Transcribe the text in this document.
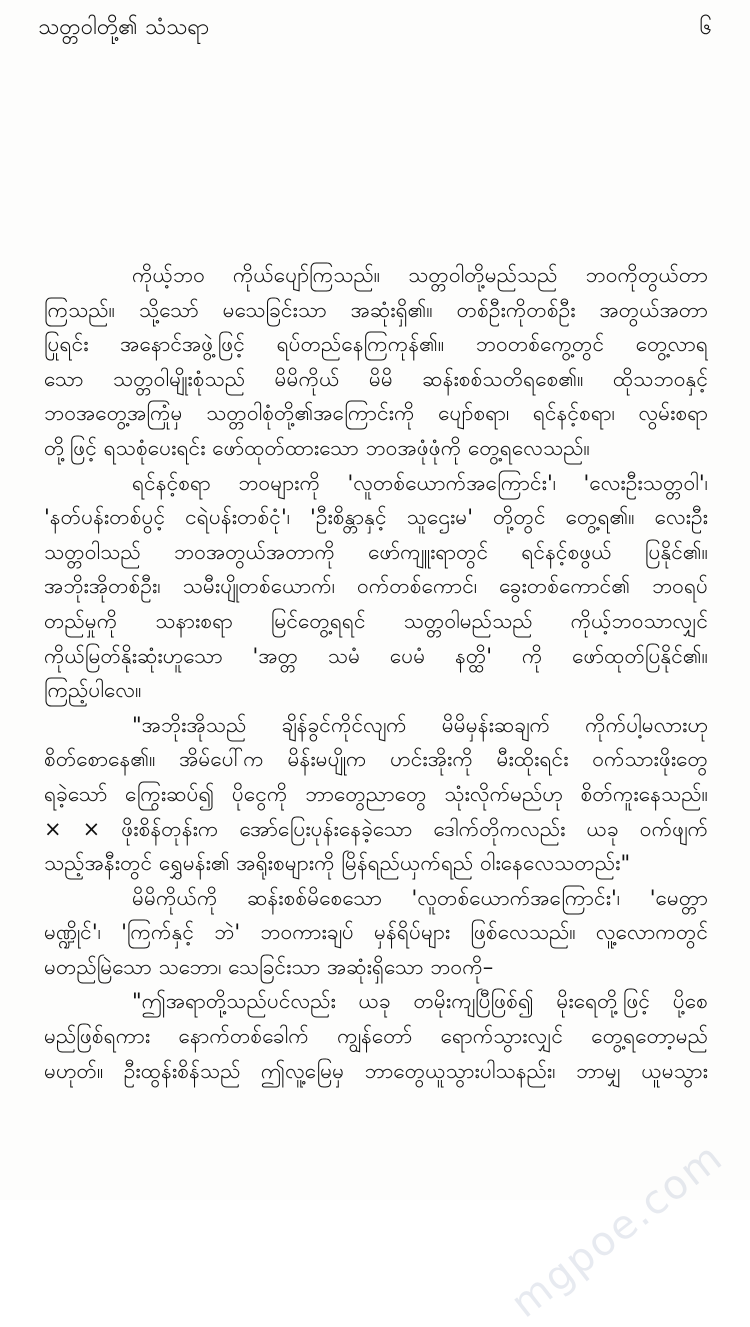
သတ္တဝါတို့၏ သံသရာ	၆
ကိုယ့်ဘဝ ကိုယ်ပျော်ကြသည်။ သတ္တဝါတို့မည်သည် ဘဝကိုတွယ်တာ
ကြသည်။ သို့သော် မသေခြင်းသာ အဆုံးရှိ၏။ တစ်ဦးကိုတစ်ဦး အတွယ်အတာ
ပြုရင်း အနောင်အဖွဲ့ဖြင့် ရပ်တည်နေကြကုန်၏။ ဘဝတစ်ကွေ့တွင် တွေ့လာရ
သော သတ္တဝါမျိုးစုံသည် မိမိကိုယ် မိမိ ဆန်းစစ်သတိရစေ၏။ ထိုသဘဝနှင့်
ဘဝအတွေ့အကြုံမှ သတ္တဝါစုံတို့၏အကြောင်းကို ပျော်စရာ၊ ရင်နင့်စရာ၊ လွမ်းစရာ
တို့ဖြင့် ရသစုံပေးရင်း ဖော်ထုတ်ထားသော ဘဝအဖုံဖုံကို တွေ့ရလေသည်။
ရင်နင့်စရာ ဘဝများကို 'လူတစ်ယောက်အကြောင်း'၊ 'လေးဦးသတ္တဝါ'၊
'နတ်ပန်းတစ်ပွင့် ငရဲပန်းတစ်ငုံ'၊ 'ဦးစိန္တာနှင့် သူဌေးမ' တို့တွင် တွေ့ရ၏။ လေးဦး
သတ္တဝါသည် ဘဝအတွယ်အတာကို ဖော်ကျူးရာတွင် ရင်နင့်စဖွယ် ပြနိုင်၏။
အဘိုးအိုတစ်ဦး၊ သမီးပျိုတစ်ယောက်၊ ဝက်တစ်ကောင်၊ ခွေးတစ်ကောင်၏ ဘဝရပ်
တည်မှုကို သနားစရာ မြင်တွေ့ရရင် သတ္တဝါမည်သည် ကိုယ့်ဘဝသာလျှင်
ကိုယ်မြတ်နိုးဆုံးဟူသော 'အတ္တ သမံ ပေမံ နတ္ထိ' ကို ဖော်ထုတ်ပြနိုင်၏။
ကြည့်ပါလေ။
"အဘိုးအိုသည် ချိန်ခွင်ကိုင်လျက် မိမိမှန်းဆချက် ကိုက်ပါ့မလားဟု
စိတ်စောနေ၏။ အိမ်ပေါ်က မိန်းမပျိုက ဟင်းအိုးကို မီးထိုးရင်း ဝက်သားဖိုးတွေ
ရခဲ့သော် ကြွေးဆပ်၍ ပိုငွေကို ဘာတွေညာတွေ သုံးလိုက်မည်ဟု စိတ်ကူးနေသည်။
× × ဖိုးစိန်တုန်းက အော်ပြေးပုန်းနေခဲ့သော ဒေါက်တိုကလည်း ယခု ဝက်ဖျက်
သည့်အနီးတွင် ရွှေမန်း၏ အရိုးစများကို မြိန်ရည်ယှက်ရည် ဝါးနေလေသတည်း"
မိမိကိုယ်ကို ဆန်းစစ်မိစေသော 'လူတစ်ယောက်အကြောင်း'၊ 'မေတ္တာ
မဏ္ဍိုင်'၊ 'ကြက်နှင့် ဘဲ' ဘဝကားချပ် မှန်ရိပ်များ ဖြစ်လေသည်။ လူ့လောကတွင်
မတည်မြဲသော သဘော၊ သေခြင်းသာ အဆုံးရှိသော ဘဝကို–
"ဤအရာတို့သည်ပင်လည်း ယခု တမိုးကျပြီဖြစ်၍ မိုးရေတို့ဖြင့် ပို့စေ
မည်ဖြစ်ရကား နောက်တစ်ခေါက် ကျွန်တော် ရောက်သွားလျှင် တွေ့ရတော့မည်
မဟုတ်။ ဦးထွန်းစိန်သည် ဤလူ့မြေမှ ဘာတွေယူသွားပါသနည်း၊ ဘာမျှ ယူမသွား
mgpoe.com
